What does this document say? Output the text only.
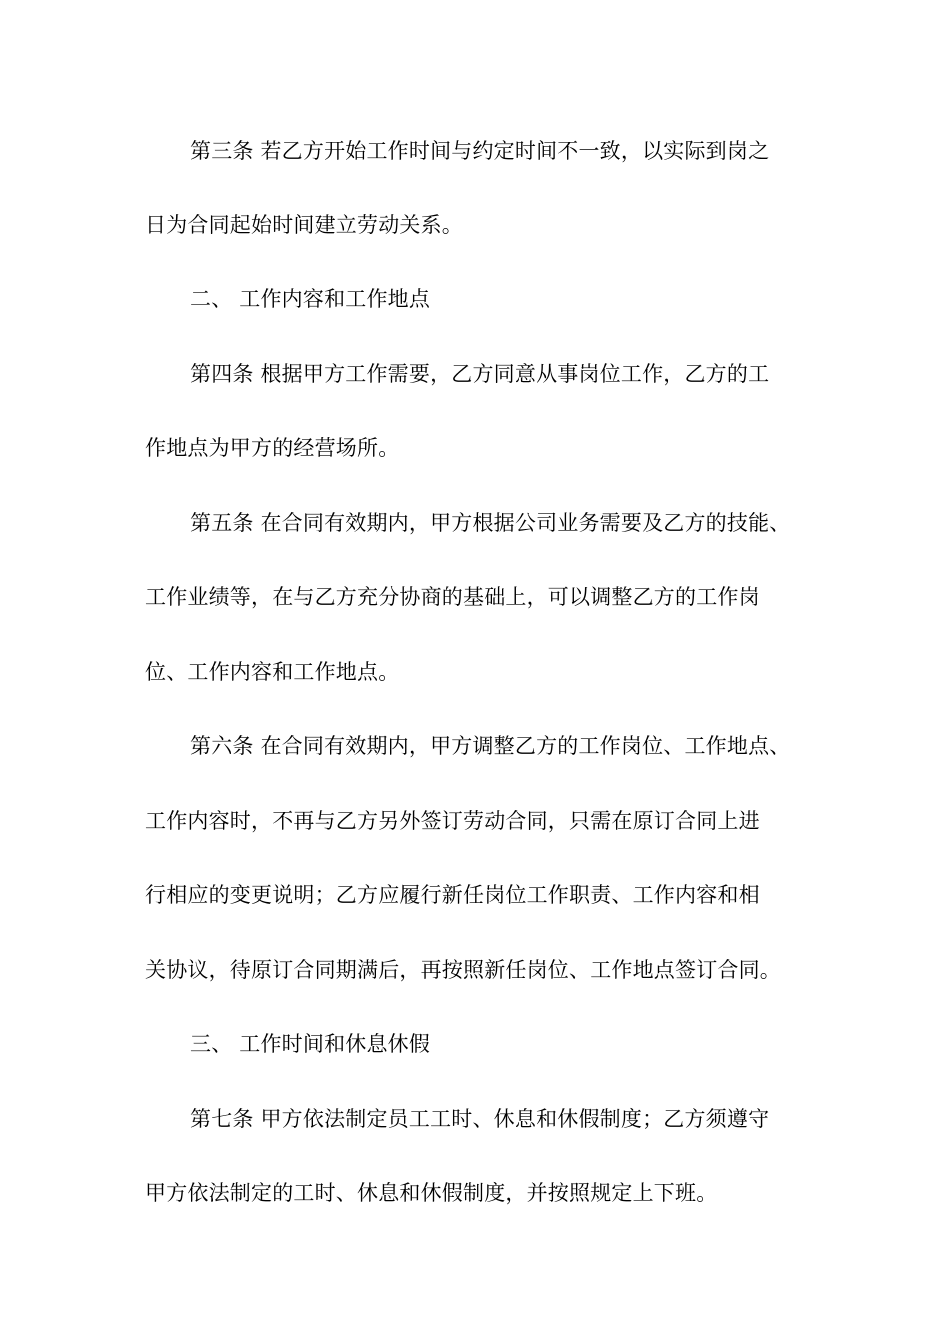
第三条 若乙方开始工作时间与约定时间不一致，以实际到岗之
日为合同起始时间建立劳动关系。
二、 工作内容和工作地点
第四条 根据甲方工作需要，乙方同意从事岗位工作，乙方的工
作地点为甲方的经营场所。
第五条 在合同有效期内，甲方根据公司业务需要及乙方的技能、
工作业绩等，在与乙方充分协商的基础上，可以调整乙方的工作岗
位、工作内容和工作地点。
第六条 在合同有效期内，甲方调整乙方的工作岗位、工作地点、
工作内容时，不再与乙方另外签订劳动合同，只需在原订合同上进
行相应的变更说明；乙方应履行新任岗位工作职责、工作内容和相
关协议，待原订合同期满后，再按照新任岗位、工作地点签订合同。
三、 工作时间和休息休假
第七条 甲方依法制定员工工时、休息和休假制度；乙方须遵守
甲方依法制定的工时、休息和休假制度，并按照规定上下班。
